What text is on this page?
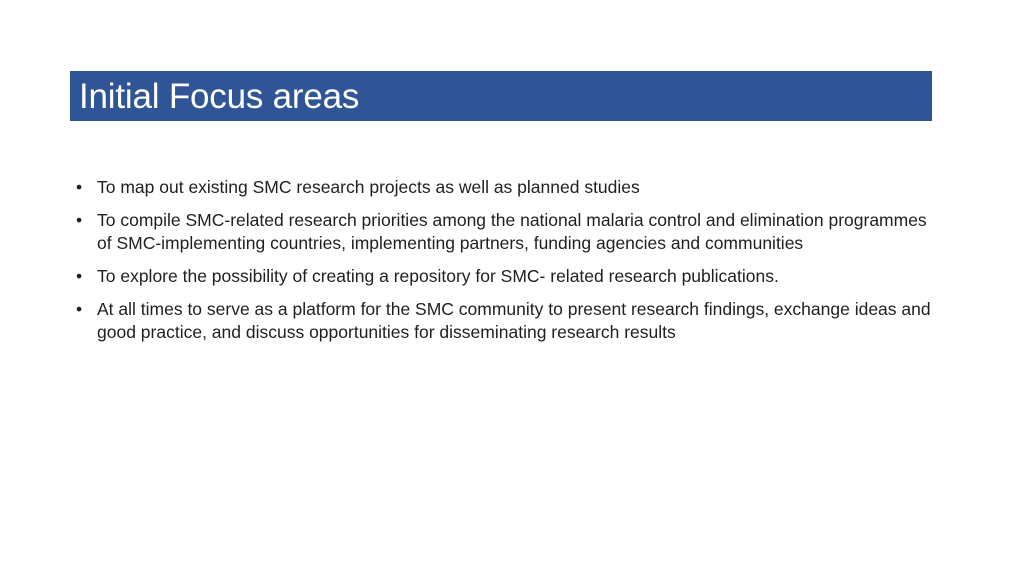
Initial Focus areas
• To map out existing SMC research projects as well as planned studies
• To compile SMC-related research priorities among the national malaria control and elimination programmes of SMC-implementing countries, implementing partners, funding agencies and communities
• To explore the possibility of creating a repository for SMC- related research publications.
• At all times to serve as a platform for the SMC community to present research findings, exchange ideas and good practice, and discuss opportunities for disseminating research results
